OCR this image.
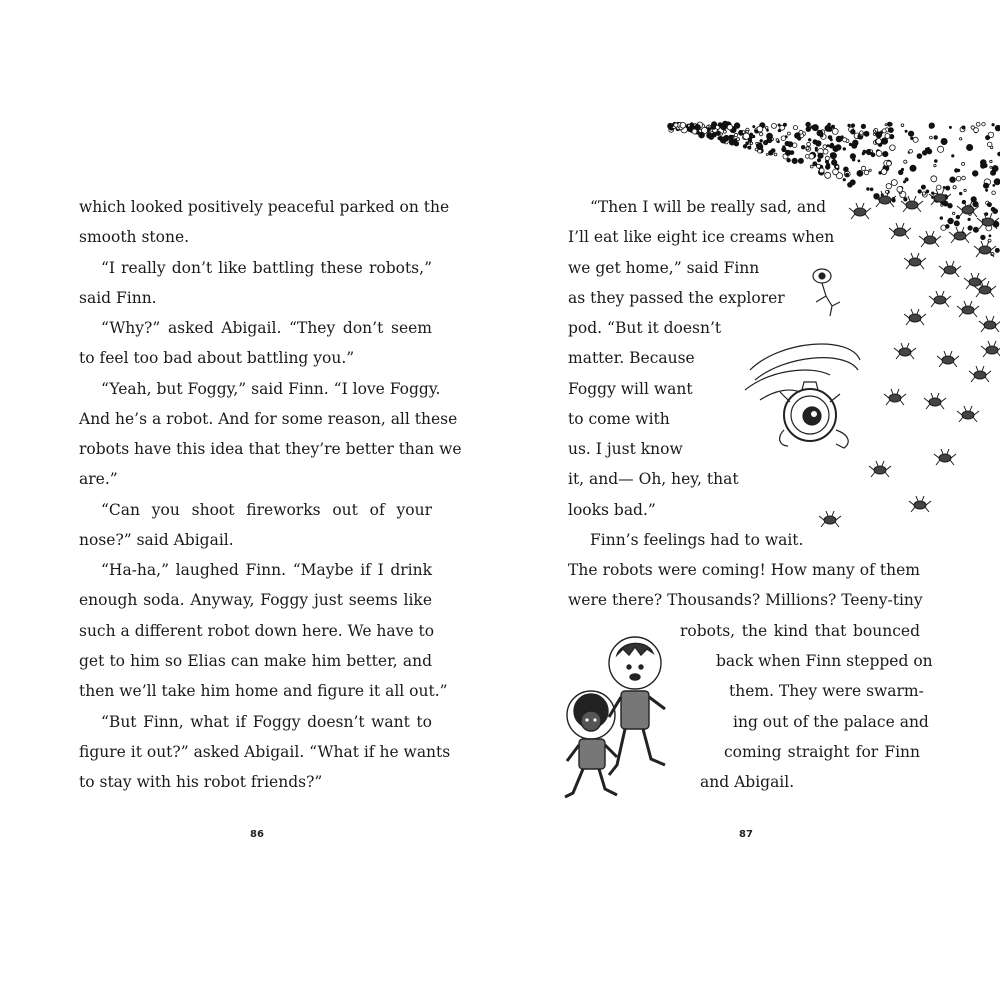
which looked positively peaceful parked on the
smooth stone.
“I really don’t like battling these robots,”
said Finn.
“Why?” asked Abigail. “They don’t seem
to feel too bad about battling you.”
“Yeah, but Foggy,” said Finn. “I love Foggy.
And he’s a robot. And for some reason, all these
robots have this idea that they’re better than we
are.”
“Can you shoot fireworks out of your
nose?” said Abigail.
“Ha-ha,” laughed Finn. “Maybe if I drink
enough soda. Anyway, Foggy just seems like
such a different robot down here. We have to
get to him so Elias can make him better, and
then we’ll take him home and figure it all out.”
“But Finn, what if Foggy doesn’t want to
figure it out?” asked Abigail. “What if he wants
to stay with his robot friends?”
86
“Then I will be really sad, and
I’ll eat like eight ice creams when
we get home,” said Finn
as they passed the explorer
pod. “But it doesn’t
matter. Because
Foggy will want
to come with
us. I just know
it, and— Oh, hey, that
looks bad.”
Finn’s feelings had to wait.
The robots were coming! How many of them
were there? Thousands? Millions? Teeny-tiny
robots, the kind that bounced
back when Finn stepped on
them. They were swarm-
ing out of the palace and
coming straight for Finn
and Abigail.
87
